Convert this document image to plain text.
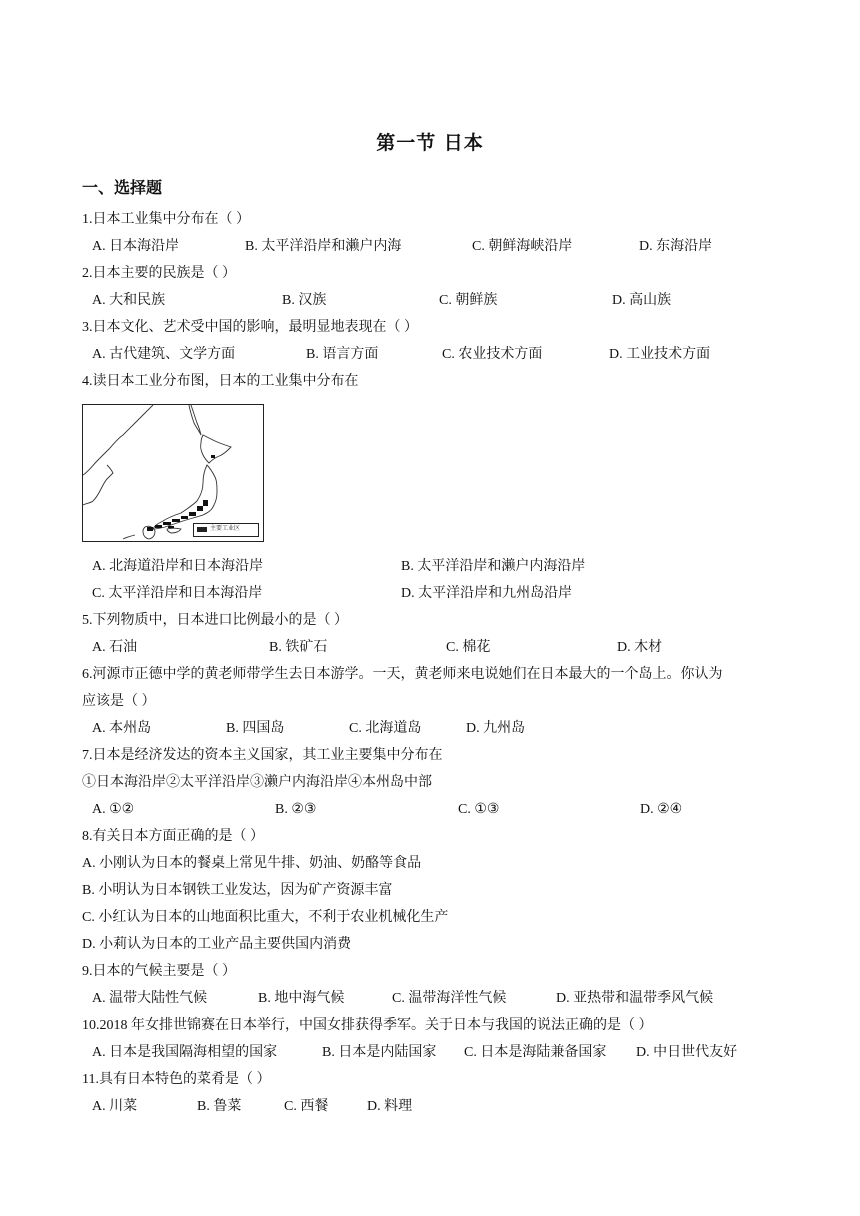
第一节 日本
一、选择题
1.日本工业集中分布在（ ）
A. 日本海沿岸	B. 太平洋沿岸和濑户内海	C. 朝鲜海峡沿岸	D. 东海沿岸
2.日本主要的民族是（ ）
A. 大和民族	B. 汉族	C. 朝鲜族	D. 高山族
3.日本文化、艺术受中国的影响，最明显地表现在（ ）
A. 古代建筑、文学方面	B. 语言方面	C. 农业技术方面	D. 工业技术方面
4.读日本工业分布图，日本的工业集中分布在
主要工业区
A. 北海道沿岸和日本海沿岸	B. 太平洋沿岸和濑户内海沿岸
C. 太平洋沿岸和日本海沿岸	D. 太平洋沿岸和九州岛沿岸
5.下列物质中，日本进口比例最小的是（ ）
A. 石油	B. 铁矿石	C. 棉花	D. 木材
6.河源市正德中学的黄老师带学生去日本游学。一天，黄老师来电说她们在日本最大的一个岛上。你认为
应该是（ ）
A. 本州岛	B. 四国岛	C. 北海道岛	D. 九州岛
7.日本是经济发达的资本主义国家，其工业主要集中分布在
①日本海沿岸②太平洋沿岸③濑户内海沿岸④本州岛中部
A. ①②	B. ②③	C. ①③	D. ②④
8.有关日本方面正确的是（ ）
A. 小刚认为日本的餐桌上常见牛排、奶油、奶酪等食品
B. 小明认为日本钢铁工业发达，因为矿产资源丰富
C. 小红认为日本的山地面积比重大，不利于农业机械化生产
D. 小莉认为日本的工业产品主要供国内消费
9.日本的气候主要是（ ）
A. 温带大陆性气候	B. 地中海气候	C. 温带海洋性气候	D. 亚热带和温带季风气候
10.2018 年女排世锦赛在日本举行，中国女排获得季军。关于日本与我国的说法正确的是（ ）
A. 日本是我国隔海相望的国家	B. 日本是内陆国家 C. 日本是海陆兼备国家 D. 中日世代友好
11.具有日本特色的菜肴是（ ）
A. 川菜	B. 鲁菜	C. 西餐	D. 料理
